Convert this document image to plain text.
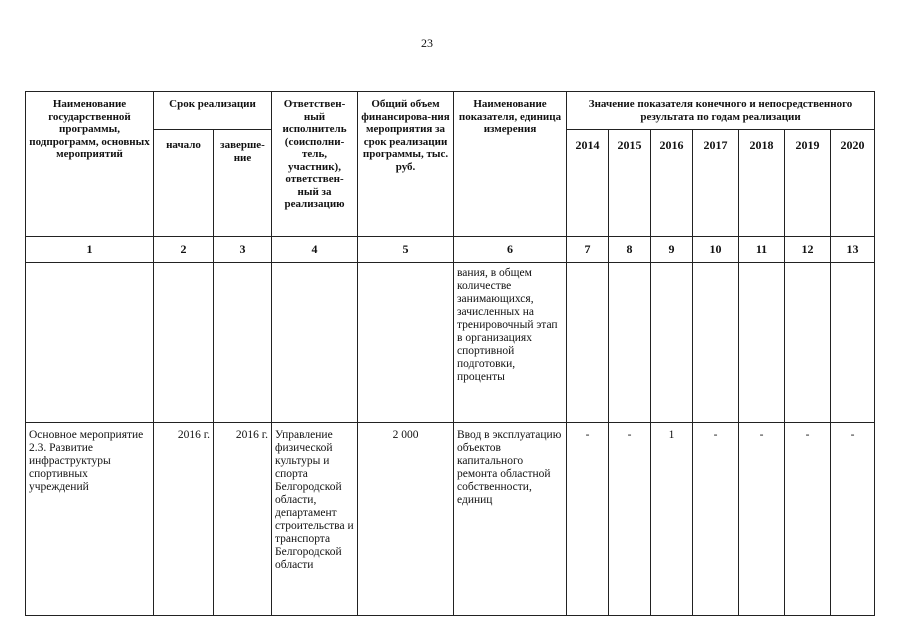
23
Наименование государственной программы, подпрограмм, основных мероприятий	Срок реализации		Ответствен-ный исполнитель (соисполни-тель, участник), ответствен-ный за реализацию	Общий объем финансирова-ния мероприятия за срок реализации программы, тыс. руб.	Наименование показателя, единица измерения	Значение показателя конечного и непосредственного результата по годам реализации						
	начало	заверше-ние				2014	2015	2016	2017	2018	2019	2020
1	2	3	4	5	6	7	8	9	10	11	12	13
					вания, в общем количестве занимающихся, зачисленных на тренировочный этап в организациях спортивной подготовки, проценты							
Основное мероприятие 2.3. Развитие инфраструктуры спортивных учреждений	2016 г.	2016 г.	Управление физической культуры и спорта Белгородской области, департамент строительства и транспорта Белгородской области	2 000	Ввод в эксплуатацию объектов капитального ремонта областной собственности, единиц	-	-	1	-	-	-	-
